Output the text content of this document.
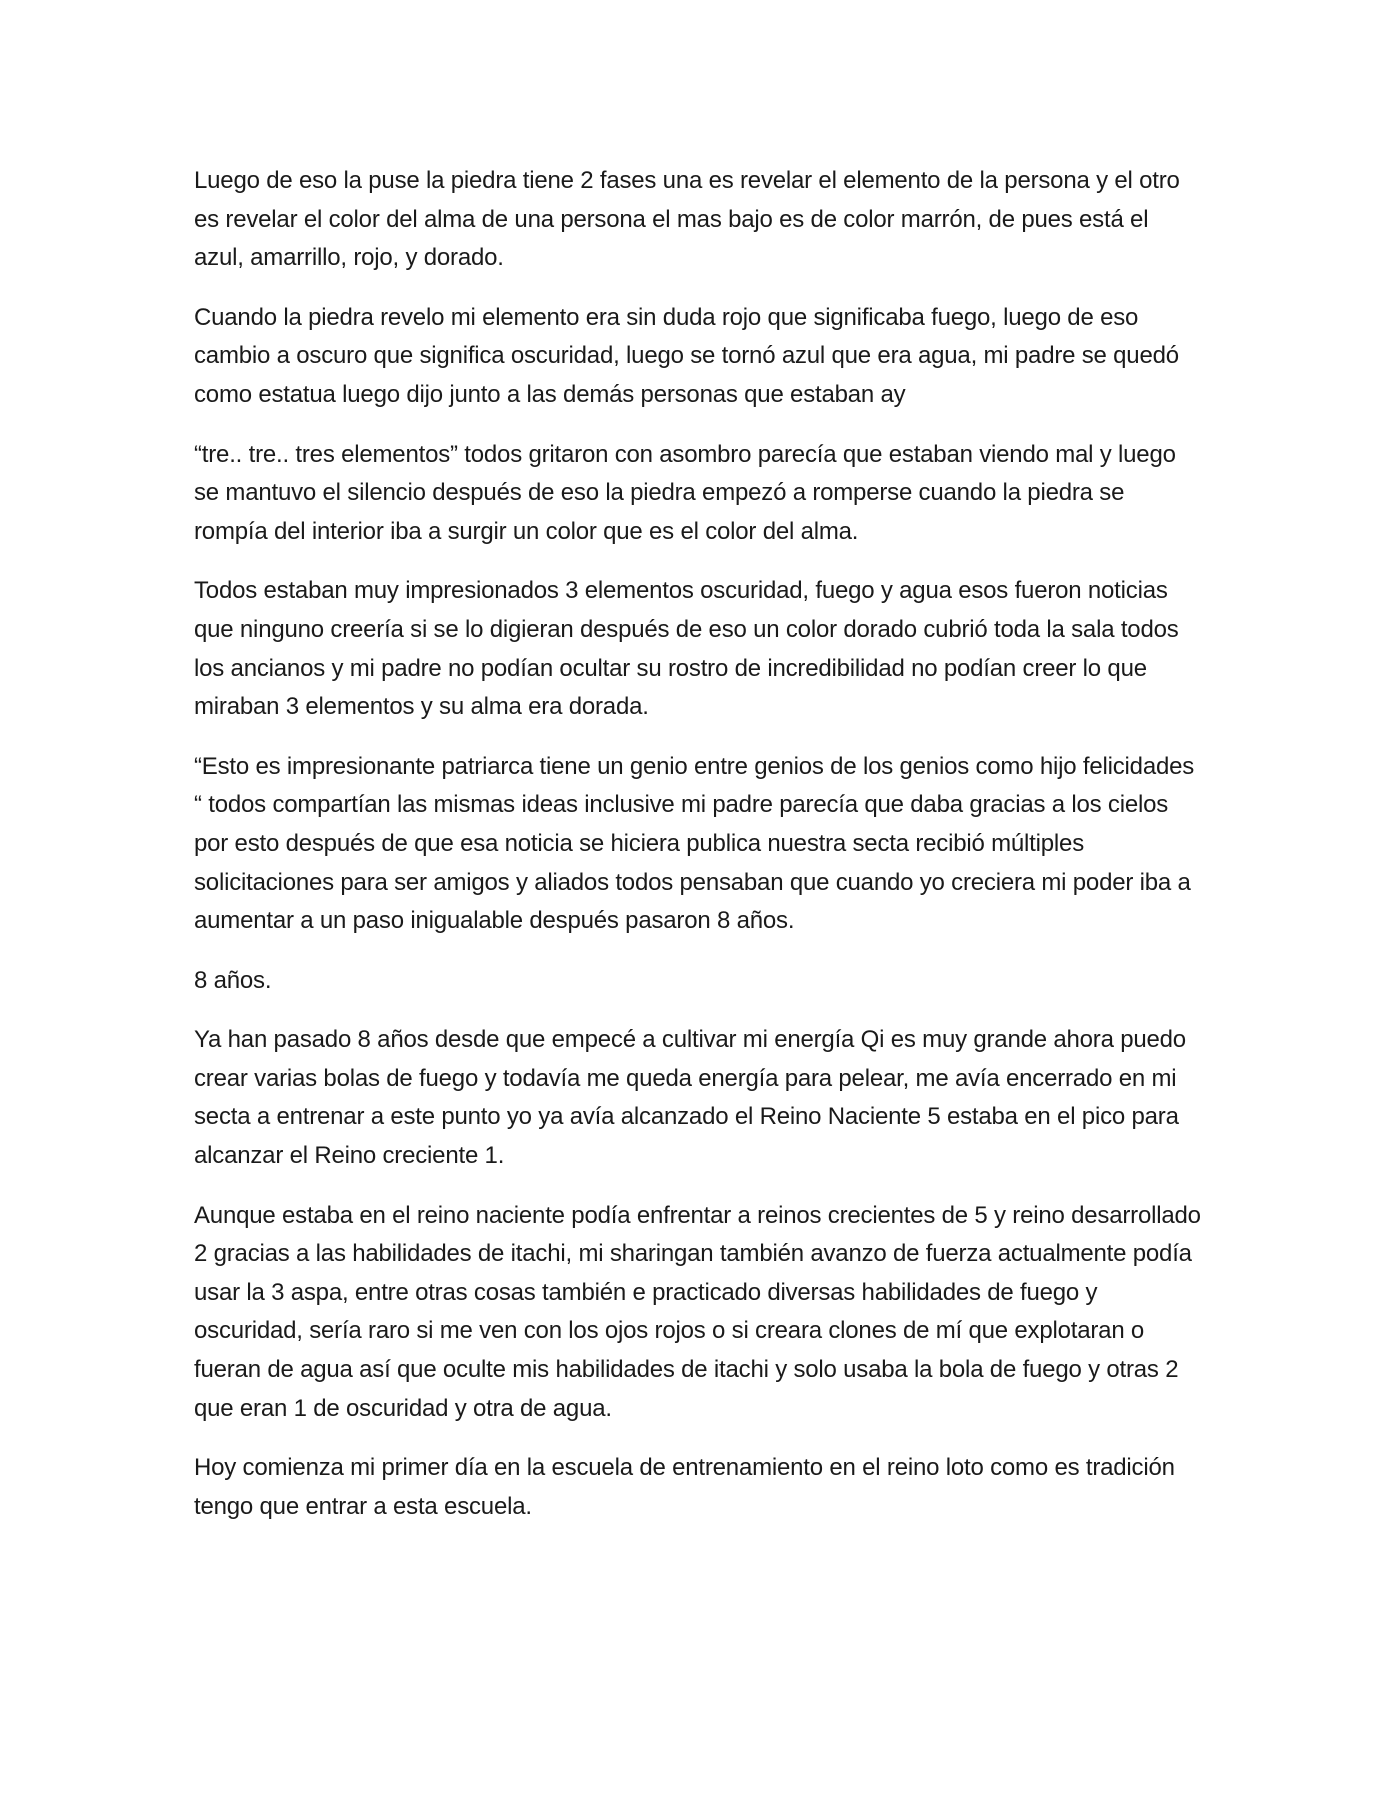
Luego de eso la puse la piedra tiene 2 fases una es revelar el elemento de la persona y el otro es revelar el color del alma de una persona el mas bajo es de color marrón, de pues está el azul, amarrillo, rojo, y dorado.

Cuando la piedra revelo mi elemento era sin duda rojo que significaba fuego, luego de eso cambio a oscuro que significa oscuridad, luego se tornó azul que era agua, mi padre se quedó como estatua luego dijo junto a las demás personas que estaban ay

“tre.. tre.. tres elementos” todos gritaron con asombro parecía que estaban viendo mal y luego se mantuvo el silencio después de eso la piedra empezó a romperse cuando la piedra se rompía del interior iba a surgir un color que es el color del alma.

Todos estaban muy impresionados 3 elementos oscuridad, fuego y agua esos fueron noticias que ninguno creería si se lo digieran después de eso un color dorado cubrió toda la sala todos los ancianos y mi padre no podían ocultar su rostro de incredibilidad no podían creer lo que miraban 3 elementos y su alma era dorada.

“Esto es impresionante patriarca tiene un genio entre genios de los genios como hijo felicidades “ todos compartían las mismas ideas inclusive mi padre parecía que daba gracias a los cielos por esto después de que esa noticia se hiciera publica nuestra secta recibió múltiples solicitaciones para ser amigos y aliados todos pensaban que cuando yo creciera mi poder iba a aumentar a un paso inigualable después pasaron 8 años.

8 años.

Ya han pasado 8 años desde que empecé a cultivar mi energía Qi es muy grande ahora puedo crear varias bolas de fuego y todavía me queda energía para pelear, me avía encerrado en mi secta a entrenar a este punto yo ya avía alcanzado el Reino Naciente 5 estaba en el pico para alcanzar el Reino creciente 1.

Aunque estaba en el reino naciente podía enfrentar a reinos crecientes de 5 y reino desarrollado 2 gracias a las habilidades de itachi, mi sharingan también avanzo de fuerza actualmente podía usar la 3 aspa, entre otras cosas también e practicado diversas habilidades de fuego y oscuridad, sería raro si me ven con los ojos rojos o si creara clones de mí que explotaran o fueran de agua así que oculte mis habilidades de itachi y solo usaba la bola de fuego y otras 2 que eran 1 de oscuridad y otra de agua.

Hoy comienza mi primer día en la escuela de entrenamiento en el reino loto como es tradición tengo que entrar a esta escuela.
